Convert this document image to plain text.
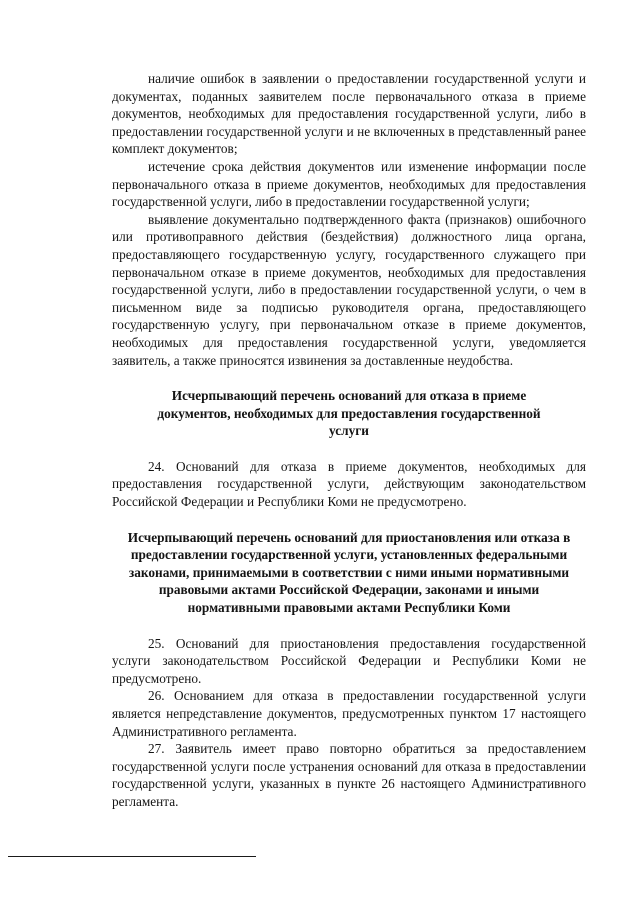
наличие ошибок в заявлении о предоставлении государственной услуги и документах, поданных заявителем после первоначального отказа в приеме документов, необходимых для предоставления государственной услуги, либо в предоставлении государственной услуги и не включенных в представленный ранее комплект документов;

истечение срока действия документов или изменение информации после первоначального отказа в приеме документов, необходимых для предоставления государственной услуги, либо в предоставлении государственной услуги;

выявление документально подтвержденного факта (признаков) ошибочного или противоправного действия (бездействия) должностного лица органа, предоставляющего государственную услугу, государственного служащего при первоначальном отказе в приеме документов, необходимых для предоставления государственной услуги, либо в предоставлении государственной услуги, о чем в письменном виде за подписью руководителя органа, предоставляющего государственную услугу, при первоначальном отказе в приеме документов, необходимых для предоставления государственной услуги, уведомляется заявитель, а также приносятся извинения за доставленные неудобства.

Исчерпывающий перечень оснований для отказа в приеме документов, необходимых для предоставления государственной услуги

24. Оснований для отказа в приеме документов, необходимых для предоставления государственной услуги, действующим законодательством Российской Федерации и Республики Коми не предусмотрено.

Исчерпывающий перечень оснований для приостановления или отказа в предоставлении государственной услуги, установленных федеральными законами, принимаемыми в соответствии с ними иными нормативными правовыми актами Российской Федерации, законами и иными нормативными правовыми актами Республики Коми

25. Оснований для приостановления предоставления государственной услуги законодательством Российской Федерации и Республики Коми не предусмотрено.

26. Основанием для отказа в предоставлении государственной услуги является непредставление документов, предусмотренных пунктом 17 настоящего Административного регламента.

27. Заявитель имеет право повторно обратиться за предоставлением государственной услуги после устранения оснований для отказа в предоставлении государственной услуги, указанных в пункте 26 настоящего Административного регламента.
